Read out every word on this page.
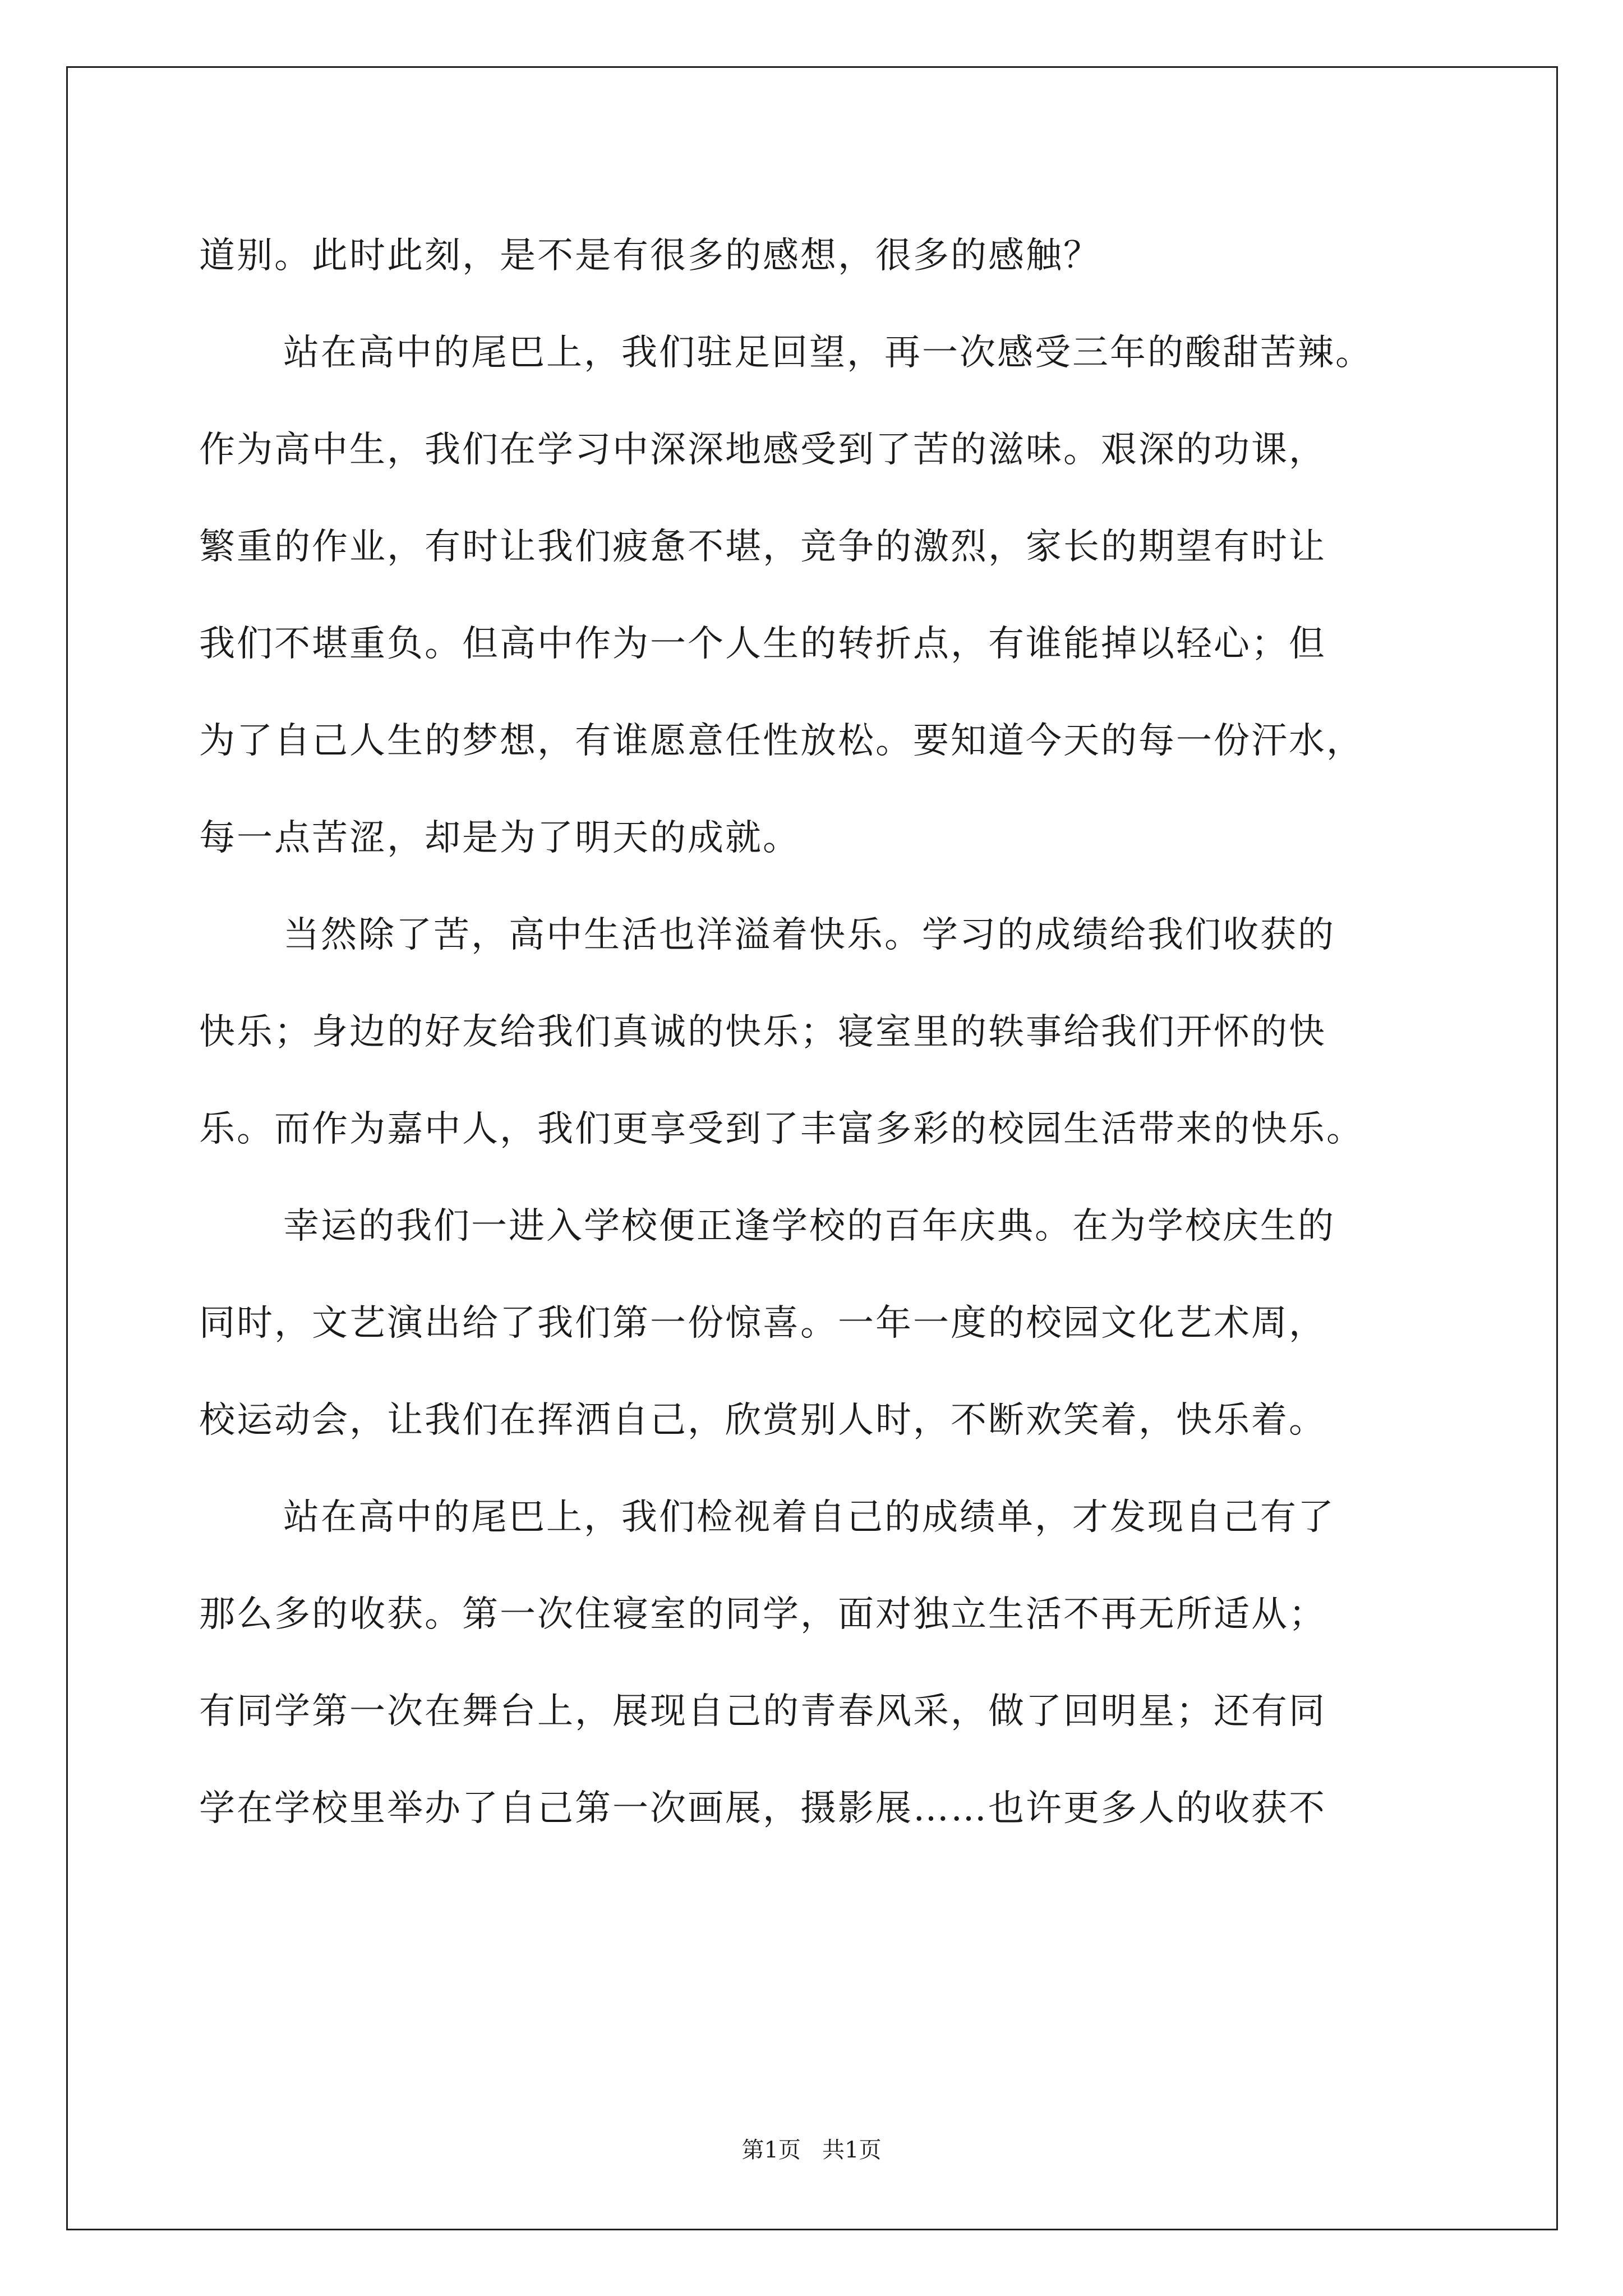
道别。此时此刻，是不是有很多的感想，很多的感触？
站在高中的尾巴上，我们驻足回望，再一次感受三年的酸甜苦辣。
作为高中生，我们在学习中深深地感受到了苦的滋味。艰深的功课，
繁重的作业，有时让我们疲惫不堪，竞争的激烈，家长的期望有时让
我们不堪重负。但高中作为一个人生的转折点，有谁能掉以轻心；但
为了自己人生的梦想，有谁愿意任性放松。要知道今天的每一份汗水，
每一点苦涩，却是为了明天的成就。
当然除了苦，高中生活也洋溢着快乐。学习的成绩给我们收获的
快乐；身边的好友给我们真诚的快乐；寝室里的轶事给我们开怀的快
乐。而作为嘉中人，我们更享受到了丰富多彩的校园生活带来的快乐。
幸运的我们一进入学校便正逢学校的百年庆典。在为学校庆生的
同时，文艺演出给了我们第一份惊喜。一年一度的校园文化艺术周，
校运动会，让我们在挥洒自己，欣赏别人时，不断欢笑着，快乐着。
站在高中的尾巴上，我们检视着自己的成绩单，才发现自己有了
那么多的收获。第一次住寝室的同学，面对独立生活不再无所适从；
有同学第一次在舞台上，展现自己的青春风采，做了回明星；还有同
学在学校里举办了自己第一次画展，摄影展……也许更多人的收获不
第1页   共1页
